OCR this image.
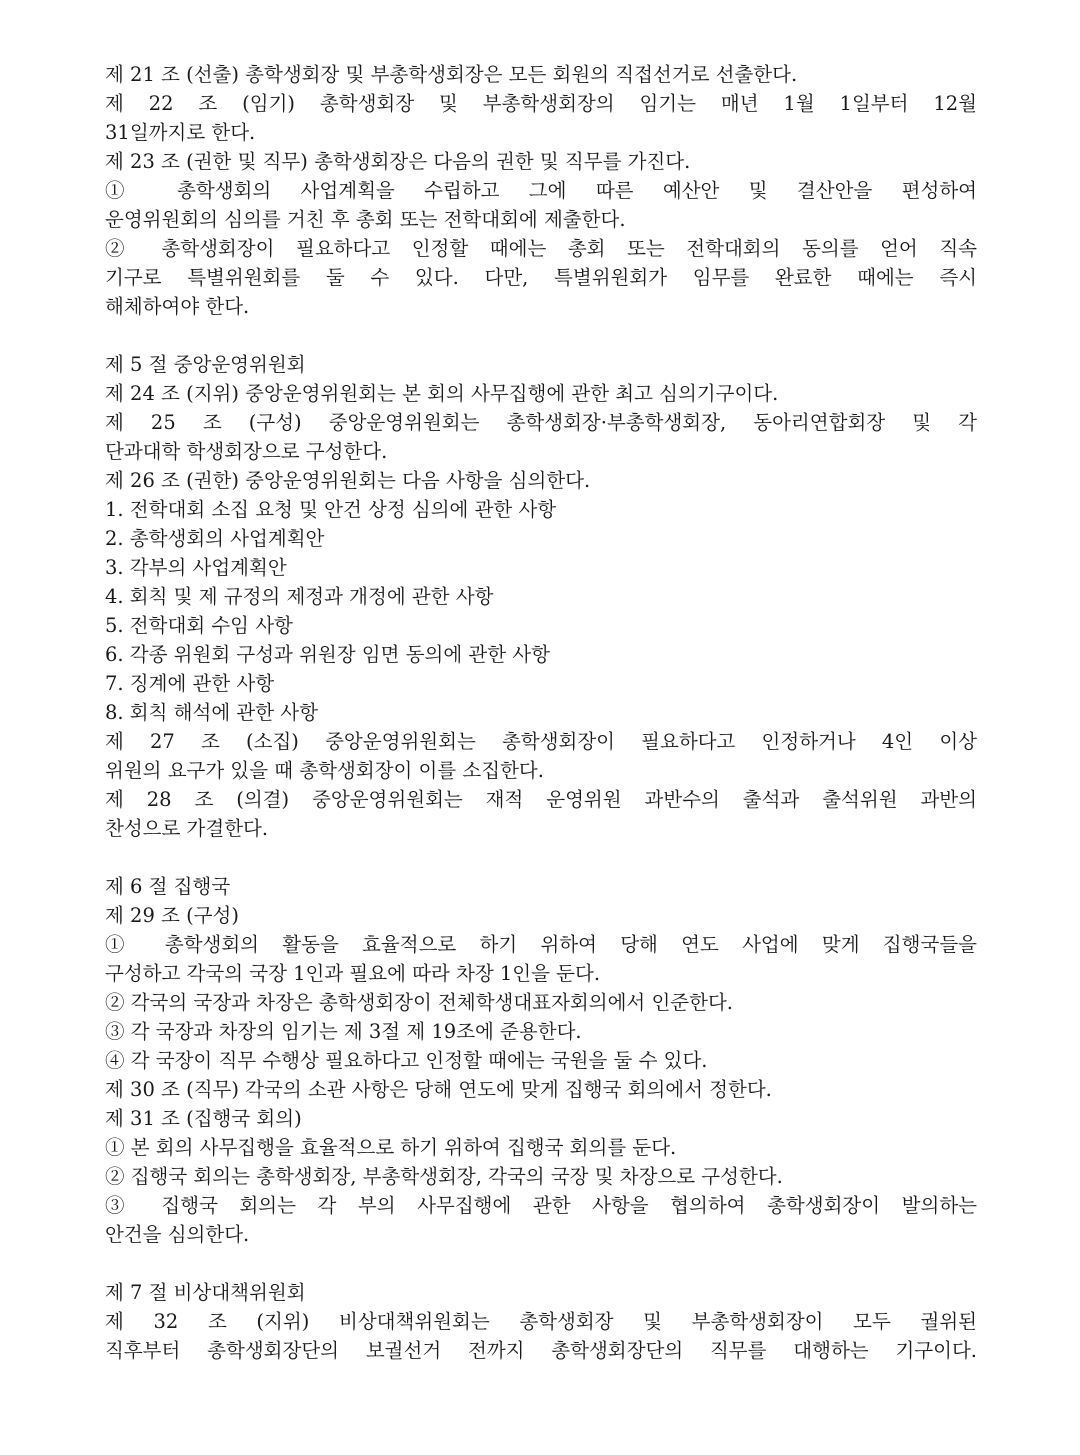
제 21 조 (선출) 총학생회장 및 부총학생회장은 모든 회원의 직접선거로 선출한다.

제 22 조 (임기) 총학생회장 및 부총학생회장의 임기는 매년 1월 1일부터 12월

31일까지로 한다.

제 23 조 (권한 및 직무) 총학생회장은 다음의 권한 및 직무를 가진다.

① 총학생회의 사업계획을 수립하고 그에 따른 예산안 및 결산안을 편성하여

운영위원회의 심의를 거친 후 총회 또는 전학대회에 제출한다.

② 총학생회장이 필요하다고 인정할 때에는 총회 또는 전학대회의 동의를 얻어 직속

기구로 특별위원회를 둘 수 있다. 다만, 특별위원회가 임무를 완료한 때에는 즉시

해체하여야 한다.

제 5 절 중앙운영위원회

제 24 조 (지위) 중앙운영위원회는 본 회의 사무집행에 관한 최고 심의기구이다.

제 25 조 (구성) 중앙운영위원회는 총학생회장·부총학생회장, 동아리연합회장 및 각

단과대학 학생회장으로 구성한다.

제 26 조 (권한) 중앙운영위원회는 다음 사항을 심의한다.

1. 전학대회 소집 요청 및 안건 상정 심의에 관한 사항

2. 총학생회의 사업계획안

3. 각부의 사업계획안

4. 회칙 및 제 규정의 제정과 개정에 관한 사항

5. 전학대회 수임 사항

6. 각종 위원회 구성과 위원장 임면 동의에 관한 사항

7. 징계에 관한 사항

8. 회칙 해석에 관한 사항

제 27 조 (소집) 중앙운영위원회는 총학생회장이 필요하다고 인정하거나 4인 이상

위원의 요구가 있을 때 총학생회장이 이를 소집한다.

제 28 조 (의결) 중앙운영위원회는 재적 운영위원 과반수의 출석과 출석위원 과반의

찬성으로 가결한다.

제 6 절 집행국

제 29 조 (구성)

① 총학생회의 활동을 효율적으로 하기 위하여 당해 연도 사업에 맞게 집행국들을

구성하고 각국의 국장 1인과 필요에 따라 차장 1인을 둔다.

② 각국의 국장과 차장은 총학생회장이 전체학생대표자회의에서 인준한다.

③ 각 국장과 차장의 임기는 제 3절 제 19조에 준용한다.

④ 각 국장이 직무 수행상 필요하다고 인정할 때에는 국원을 둘 수 있다.

제 30 조 (직무) 각국의 소관 사항은 당해 연도에 맞게 집행국 회의에서 정한다.

제 31 조 (집행국 회의)

① 본 회의 사무집행을 효율적으로 하기 위하여 집행국 회의를 둔다.

② 집행국 회의는 총학생회장, 부총학생회장, 각국의 국장 및 차장으로 구성한다.

③ 집행국 회의는 각 부의 사무집행에 관한 사항을 협의하여 총학생회장이 발의하는

안건을 심의한다.

제 7 절 비상대책위원회

제 32 조 (지위) 비상대책위원회는 총학생회장 및 부총학생회장이 모두 궐위된

직후부터 총학생회장단의 보궐선거 전까지 총학생회장단의 직무를 대행하는 기구이다.
